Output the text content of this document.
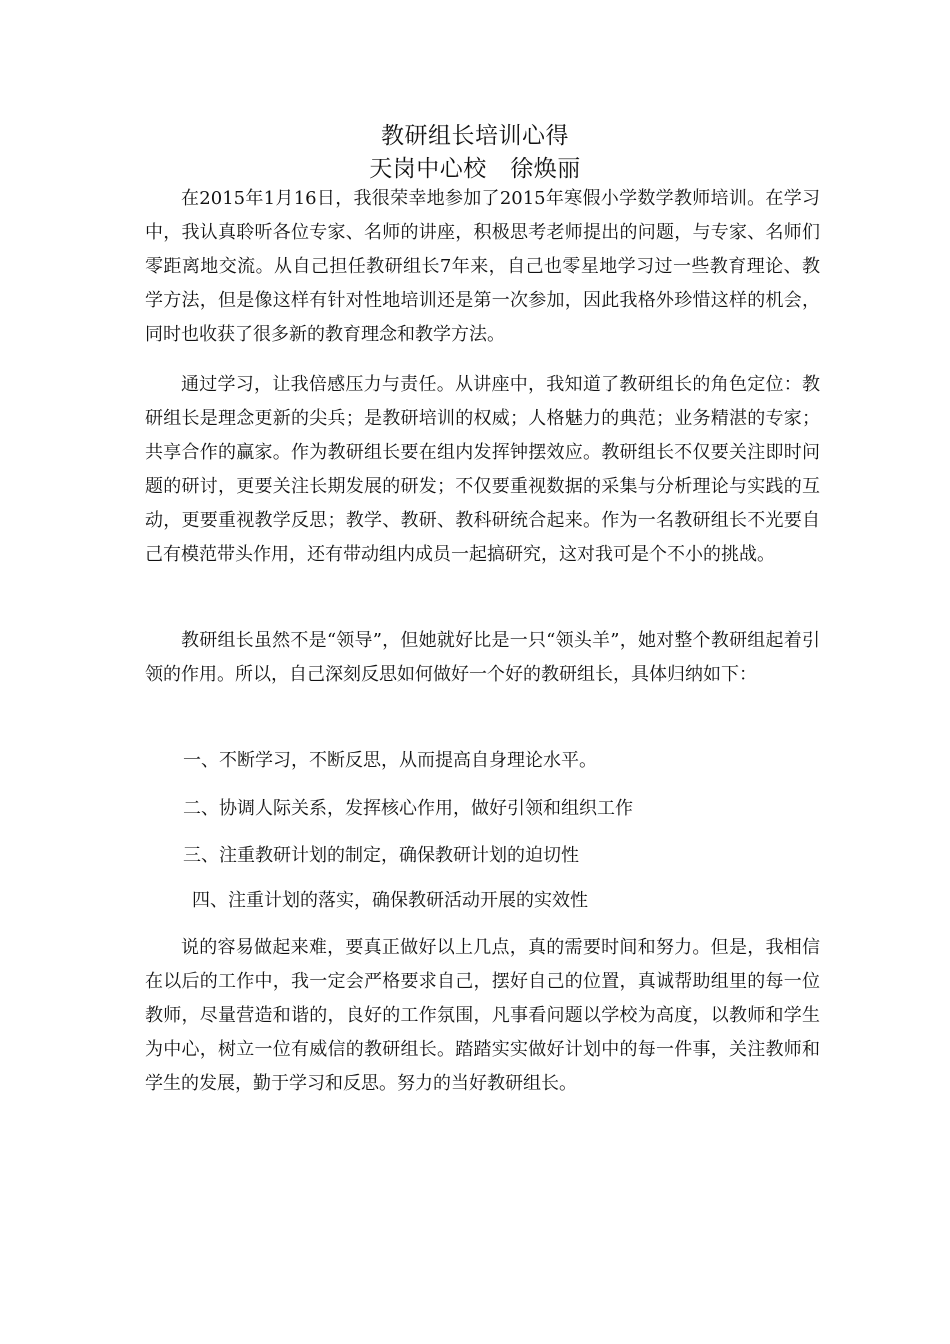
教研组长培训心得
天岗中心校　徐焕丽

在2015年1月16日，我很荣幸地参加了2015年寒假小学数学教师培训。在学习中，我认真聆听各位专家、名师的讲座，积极思考老师提出的问题，与专家、名师们零距离地交流。从自己担任教研组长7年来，自己也零星地学习过一些教育理论、教学方法，但是像这样有针对性地培训还是第一次参加，因此我格外珍惜这样的机会，同时也收获了很多新的教育理念和教学方法。

通过学习，让我倍感压力与责任。从讲座中，我知道了教研组长的角色定位：教研组长是理念更新的尖兵；是教研培训的权威；人格魅力的典范；业务精湛的专家；共享合作的赢家。作为教研组长要在组内发挥钟摆效应。教研组长不仅要关注即时问题的研讨，更要关注长期发展的研发；不仅要重视数据的采集与分析理论与实践的互动，更要重视教学反思；教学、教研、教科研统合起来。作为一名教研组长不光要自己有模范带头作用，还有带动组内成员一起搞研究，这对我可是个不小的挑战。

教研组长虽然不是“领导”，但她就好比是一只“领头羊”，她对整个教研组起着引领的作用。所以，自己深刻反思如何做好一个好的教研组长，具体归纳如下：

一、不断学习，不断反思，从而提高自身理论水平。

二、协调人际关系，发挥核心作用，做好引领和组织工作

三、注重教研计划的制定，确保教研计划的迫切性

四、注重计划的落实，确保教研活动开展的实效性

说的容易做起来难，要真正做好以上几点，真的需要时间和努力。但是，我相信在以后的工作中，我一定会严格要求自己，摆好自己的位置，真诚帮助组里的每一位教师，尽量营造和谐的，良好的工作氛围，凡事看问题以学校为高度，以教师和学生为中心，树立一位有威信的教研组长。踏踏实实做好计划中的每一件事，关注教师和学生的发展，勤于学习和反思。努力的当好教研组长。
